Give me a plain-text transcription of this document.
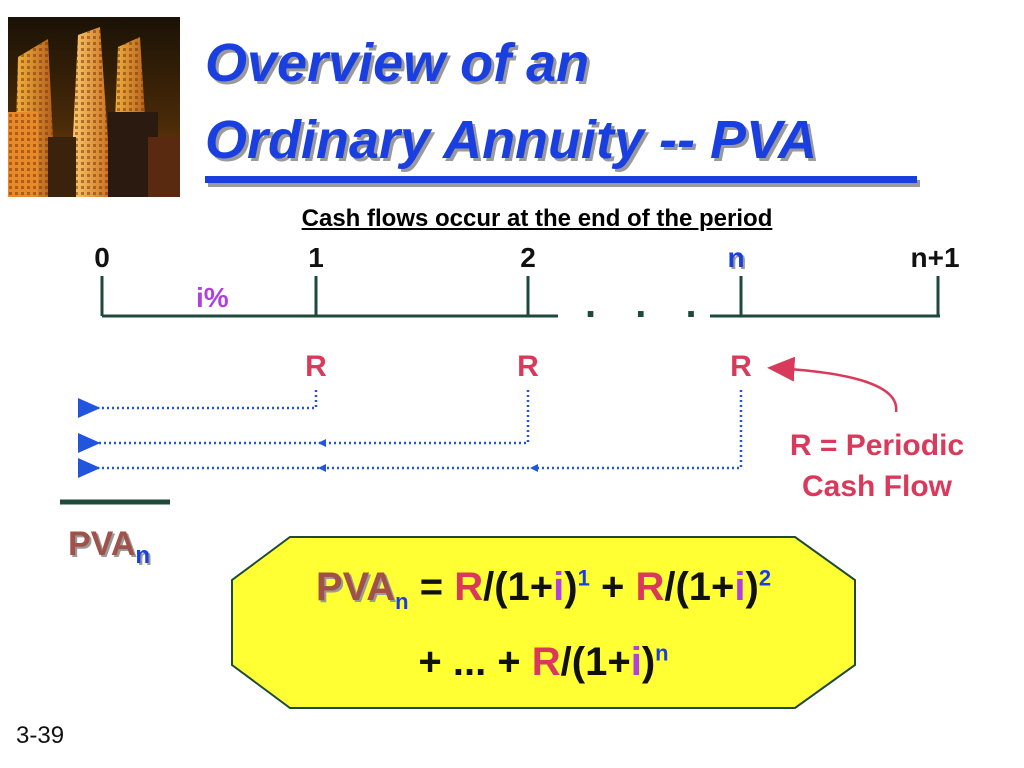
Overview of an
Ordinary Annuity -- PVA
Cash flows occur at the end of the period
0	1	2	n	n+1
i%	. . .
R	R	R
R = Periodic
Cash Flow
$PVA_n$
$PVA_n = R/(1+i)^1 + R/(1+i)^2$
+ ... + $R/(1+i)^n$
3-39
